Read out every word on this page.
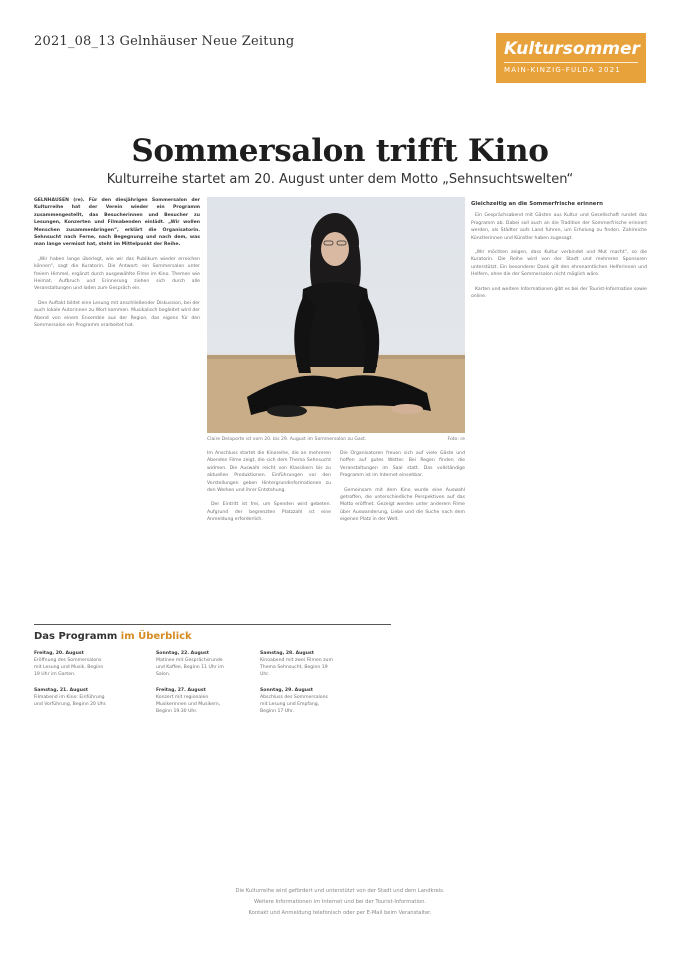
2021_08_13 Gelnhäuser Neue Zeitung	Kultursommer
MAIN-KINZIG-FULDA 2021
Sommersalon trifft Kino
Kulturreihe startet am 20. August unter dem Motto „Sehnsuchtswelten“

GELNHAUSEN (re). Für den diesjährigen Sommersalon der Kulturreihe hat der Verein wieder ein Programm zusammengestellt, das Besucherinnen und Besucher zu Lesungen, Konzerten und Filmabenden einlädt. „Wir wollen Menschen zusammenbringen“, erklärt die Organisatorin. Sehnsucht nach Ferne, nach Begegnung und nach dem, was man lange vermisst hat, steht im Mittelpunkt der Reihe.

„Wir haben lange überlegt, wie wir das Publikum wieder erreichen können“, sagt die Kuratorin. Die Antwort: ein Sommersalon unter freiem Himmel, ergänzt durch ausgewählte Filme im Kino. Themen wie Heimat, Aufbruch und Erinnerung ziehen sich durch alle Veranstaltungen und laden zum Gespräch ein.

Den Auftakt bildet eine Lesung mit anschließender Diskussion, bei der auch lokale Autorinnen zu Wort kommen. Musikalisch begleitet wird der Abend von einem Ensemble aus der Region, das eigens für den Sommersalon ein Programm erarbeitet hat.

Claire Delaporte ist vom 20. bis 29. August im Sommersalon zu Gast.	Foto: re

Im Anschluss startet die Kinoreihe, die an mehreren Abenden Filme zeigt, die sich dem Thema Sehnsucht widmen. Die Auswahl reicht von Klassikern bis zu aktuellen Produktionen. Einführungen vor den Vorstellungen geben Hintergrundinformationen zu den Werken und ihrer Entstehung.

Der Eintritt ist frei, um Spenden wird gebeten. Aufgrund der begrenzten Platzzahl ist eine Anmeldung erforderlich.

Die Organisatoren freuen sich auf viele Gäste und hoffen auf gutes Wetter. Bei Regen finden die Veranstaltungen im Saal statt. Das vollständige Programm ist im Internet einsehbar.

Gemeinsam mit dem Kino wurde eine Auswahl getroffen, die unterschiedliche Perspektiven auf das Motto eröffnet. Gezeigt werden unter anderem Filme über Auswanderung, Liebe und die Suche nach dem eigenen Platz in der Welt.

Gleichzeitig an die Sommerfrische erinnern

Ein Gesprächsabend mit Gästen aus Kultur und Gesellschaft rundet das Programm ab. Dabei soll auch an die Tradition der Sommerfrische erinnert werden, als Städter aufs Land fuhren, um Erholung zu finden. Zahlreiche Künstlerinnen und Künstler haben zugesagt.

„Wir möchten zeigen, dass Kultur verbindet und Mut macht“, so die Kuratorin. Die Reihe wird von der Stadt und mehreren Sponsoren unterstützt. Ein besonderer Dank gilt den ehrenamtlichen Helferinnen und Helfern, ohne die der Sommersalon nicht möglich wäre.

Karten und weitere Informationen gibt es bei der Tourist-Information sowie online.

Das Programm im Überblick
Freitag, 20. August
Eröffnung des Sommersalons mit Lesung und Musik, Beginn 19 Uhr im Garten.
Samstag, 21. August
Filmabend im Kino: Einführung und Vorführung, Beginn 20 Uhr.
Sonntag, 22. August
Matinee mit Gesprächsrunde und Kaffee, Beginn 11 Uhr im Salon.
Freitag, 27. August
Konzert mit regionalen Musikerinnen und Musikern, Beginn 19.30 Uhr.
Samstag, 28. August
Kinoabend mit zwei Filmen zum Thema Sehnsucht, Beginn 19 Uhr.
Sonntag, 29. August
Abschluss des Sommersalons mit Lesung und Empfang, Beginn 17 Uhr.
Die Kulturreihe wird gefördert und unterstützt von der Stadt und dem Landkreis.
Weitere Informationen im Internet und bei der Tourist-Information.
Kontakt und Anmeldung telefonisch oder per E-Mail beim Veranstalter.
